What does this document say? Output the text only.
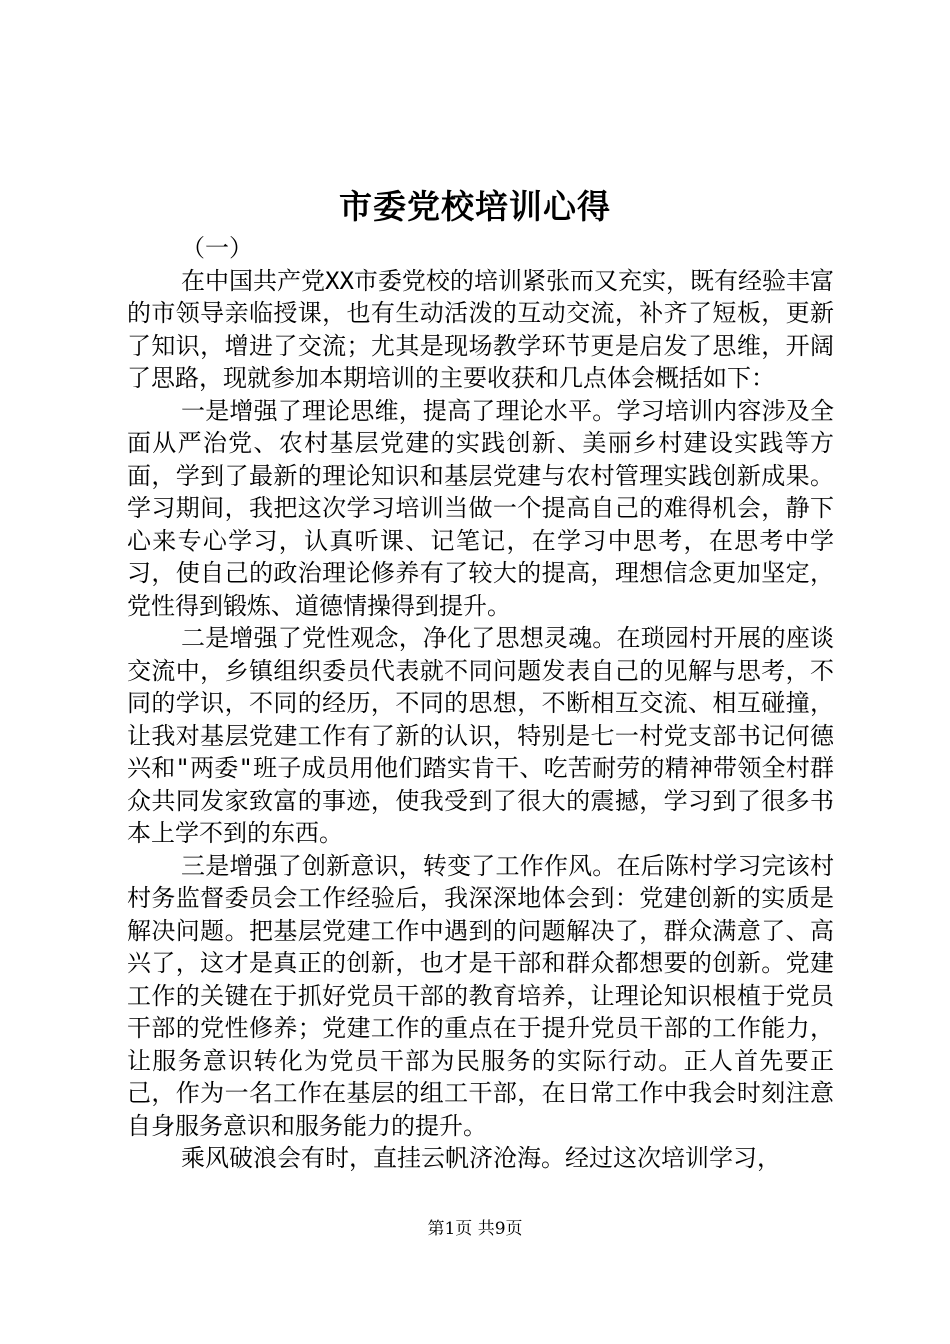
市委党校培训心得

（一）

在中国共产党XX市委党校的培训紧张而又充实，既有经验丰富的市领导亲临授课，也有生动活泼的互动交流，补齐了短板，更新了知识，增进了交流；尤其是现场教学环节更是启发了思维，开阔了思路，现就参加本期培训的主要收获和几点体会概括如下：

一是增强了理论思维，提高了理论水平。学习培训内容涉及全面从严治党、农村基层党建的实践创新、美丽乡村建设实践等方面，学到了最新的理论知识和基层党建与农村管理实践创新成果。学习期间，我把这次学习培训当做一个提高自己的难得机会，静下心来专心学习，认真听课、记笔记，在学习中思考，在思考中学习，使自己的政治理论修养有了较大的提高，理想信念更加坚定，党性得到锻炼、道德情操得到提升。

二是增强了党性观念，净化了思想灵魂。在琐园村开展的座谈交流中，乡镇组织委员代表就不同问题发表自己的见解与思考，不同的学识，不同的经历，不同的思想，不断相互交流、相互碰撞，让我对基层党建工作有了新的认识，特别是七一村党支部书记何德兴和"两委"班子成员用他们踏实肯干、吃苦耐劳的精神带领全村群众共同发家致富的事迹，使我受到了很大的震撼，学习到了很多书本上学不到的东西。

三是增强了创新意识，转变了工作作风。在后陈村学习完该村村务监督委员会工作经验后，我深深地体会到：党建创新的实质是解决问题。把基层党建工作中遇到的问题解决了，群众满意了、高兴了，这才是真正的创新，也才是干部和群众都想要的创新。党建工作的关键在于抓好党员干部的教育培养，让理论知识根植于党员干部的党性修养；党建工作的重点在于提升党员干部的工作能力，让服务意识转化为党员干部为民服务的实际行动。正人首先要正己，作为一名工作在基层的组工干部，在日常工作中我会时刻注意自身服务意识和服务能力的提升。

乘风破浪会有时，直挂云帆济沧海。经过这次培训学习，

第1页 共9页
